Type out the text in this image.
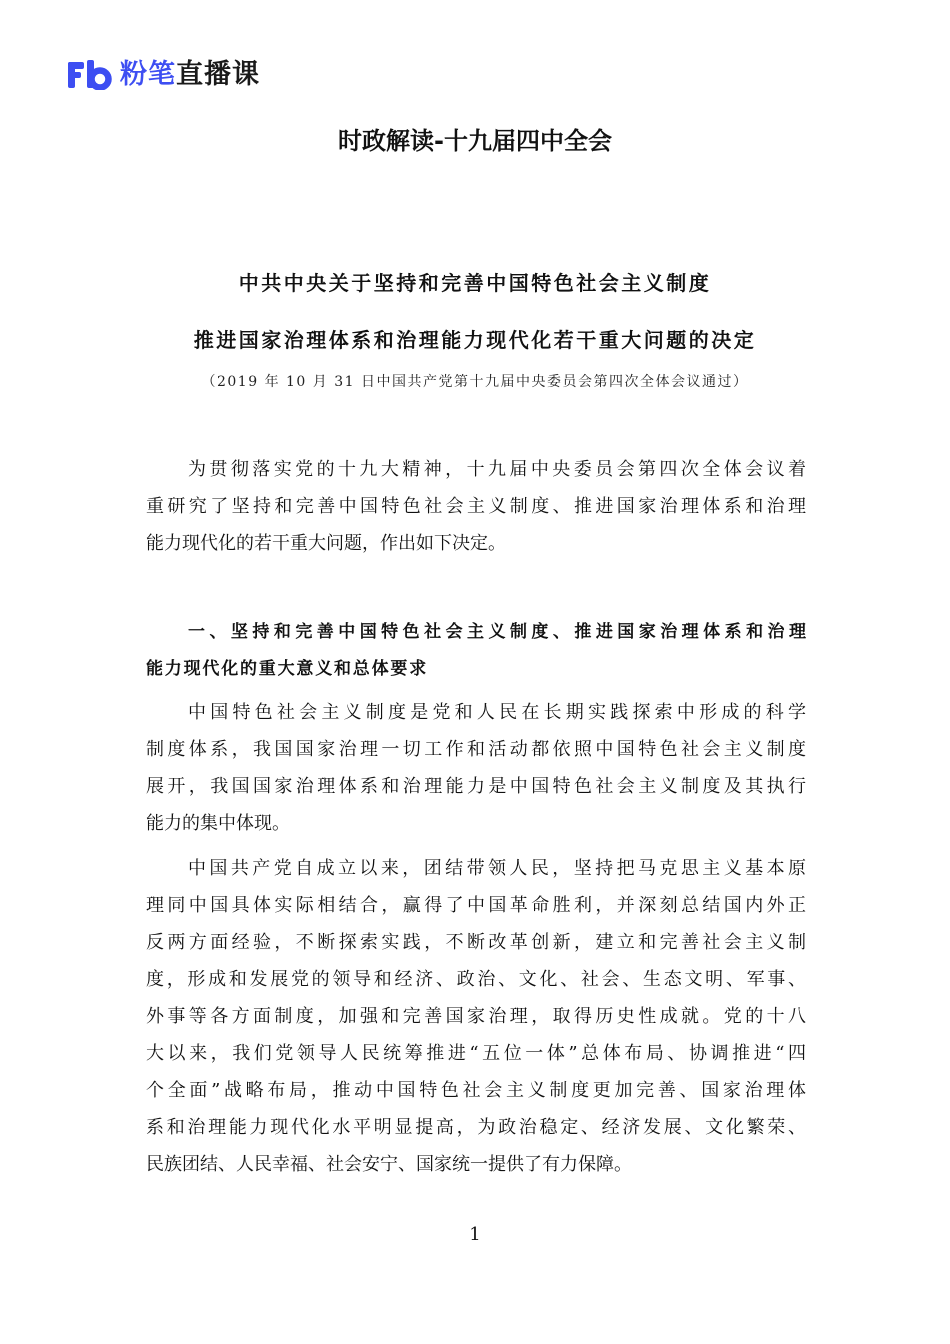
粉笔直播课
时政解读-十九届四中全会
中共中央关于坚持和完善中国特色社会主义制度
推进国家治理体系和治理能力现代化若干重大问题的决定
（2019 年 10 月 31 日中国共产党第十九届中央委员会第四次全体会议通过）
为贯彻落实党的十九大精神，十九届中央委员会第四次全体会议着
重研究了坚持和完善中国特色社会主义制度、推进国家治理体系和治理
能力现代化的若干重大问题，作出如下决定。
一、坚持和完善中国特色社会主义制度、推进国家治理体系和治理
能力现代化的重大意义和总体要求
中国特色社会主义制度是党和人民在长期实践探索中形成的科学
制度体系，我国国家治理一切工作和活动都依照中国特色社会主义制度
展开，我国国家治理体系和治理能力是中国特色社会主义制度及其执行
能力的集中体现。
中国共产党自成立以来，团结带领人民，坚持把马克思主义基本原
理同中国具体实际相结合，赢得了中国革命胜利，并深刻总结国内外正
反两方面经验，不断探索实践，不断改革创新，建立和完善社会主义制
度，形成和发展党的领导和经济、政治、文化、社会、生态文明、军事、
外事等各方面制度，加强和完善国家治理，取得历史性成就。党的十八
大以来，我们党领导人民统筹推进“五位一体”总体布局、协调推进“四
个全面”战略布局，推动中国特色社会主义制度更加完善、国家治理体
系和治理能力现代化水平明显提高，为政治稳定、经济发展、文化繁荣、
民族团结、人民幸福、社会安宁、国家统一提供了有力保障。
1
